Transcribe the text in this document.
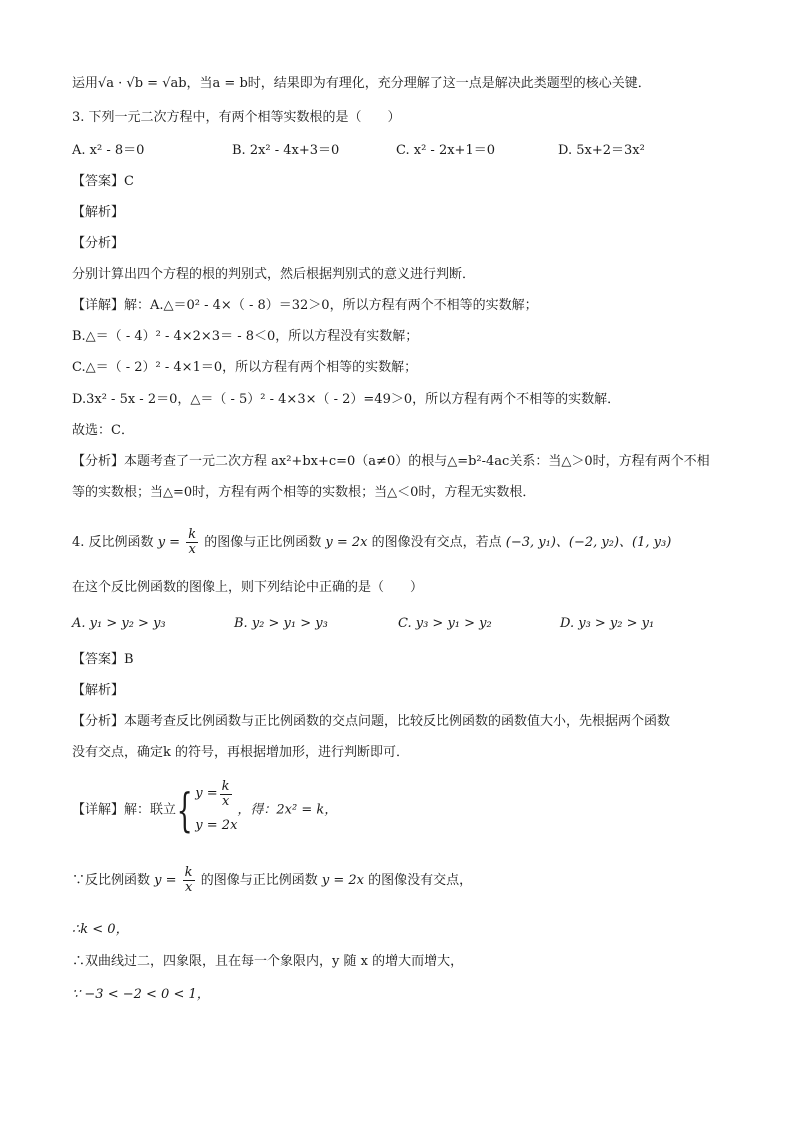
运用√a · √b = √ab，当a = b时，结果即为有理化，充分理解了这一点是解决此类题型的核心关键．
3. 下列一元二次方程中，有两个相等实数根的是（　　）
A. x² - 8＝0	B. 2x² - 4x+3＝0	C. x² - 2x+1＝0	D. 5x+2＝3x²
【答案】C
【解析】
【分析】
分别计算出四个方程的根的判别式，然后根据判别式的意义进行判断．
【详解】解：A.△＝0² - 4×（ - 8）＝32＞0，所以方程有两个不相等的实数解；
B.△＝（ - 4）² - 4×2×3＝ - 8＜0，所以方程没有实数解；
C.△＝（ - 2）² - 4×1＝0，所以方程有两个相等的实数解；
D.3x² - 5x - 2＝0，△＝（ - 5）² - 4×3×（ - 2）=49＞0，所以方程有两个不相等的实数解．
故选：C．
【分析】本题考查了一元二次方程 ax²+bx+c=0（a≠0）的根与△=b²-4ac关系：当△＞0时，方程有两个不相
等的实数根；当△=0时，方程有两个相等的实数根；当△＜0时，方程无实数根．
4. 反比例函数 $y = \frac{k}{x}$ 的图像与正比例函数 y = 2x 的图像没有交点，若点 (−3, y₁)、(−2, y₂)、(1, y₃)
在这个反比例函数的图像上，则下列结论中正确的是（　　）
A. y₁ > y₂ > y₃	B. y₂ > y₁ > y₃	C. y₃ > y₁ > y₂	D. y₃ > y₂ > y₁
【答案】B
【解析】
【分析】本题考查反比例函数与正比例函数的交点问题，比较反比例函数的函数值大小，先根据两个函数
没有交点，确定k 的符号，再根据增加形，进行判断即可．
【详解】解：联立 { $y = \frac{k}{x}$
y = 2x
，得：2x² = k，
∵反比例函数 $y = \frac{k}{x}$ 的图像与正比例函数 y = 2x 的图像没有交点，
∴k < 0，
∴双曲线过二，四象限，且在每一个象限内，y 随 x 的增大而增大，
∵ −3 < −2 < 0 < 1，
